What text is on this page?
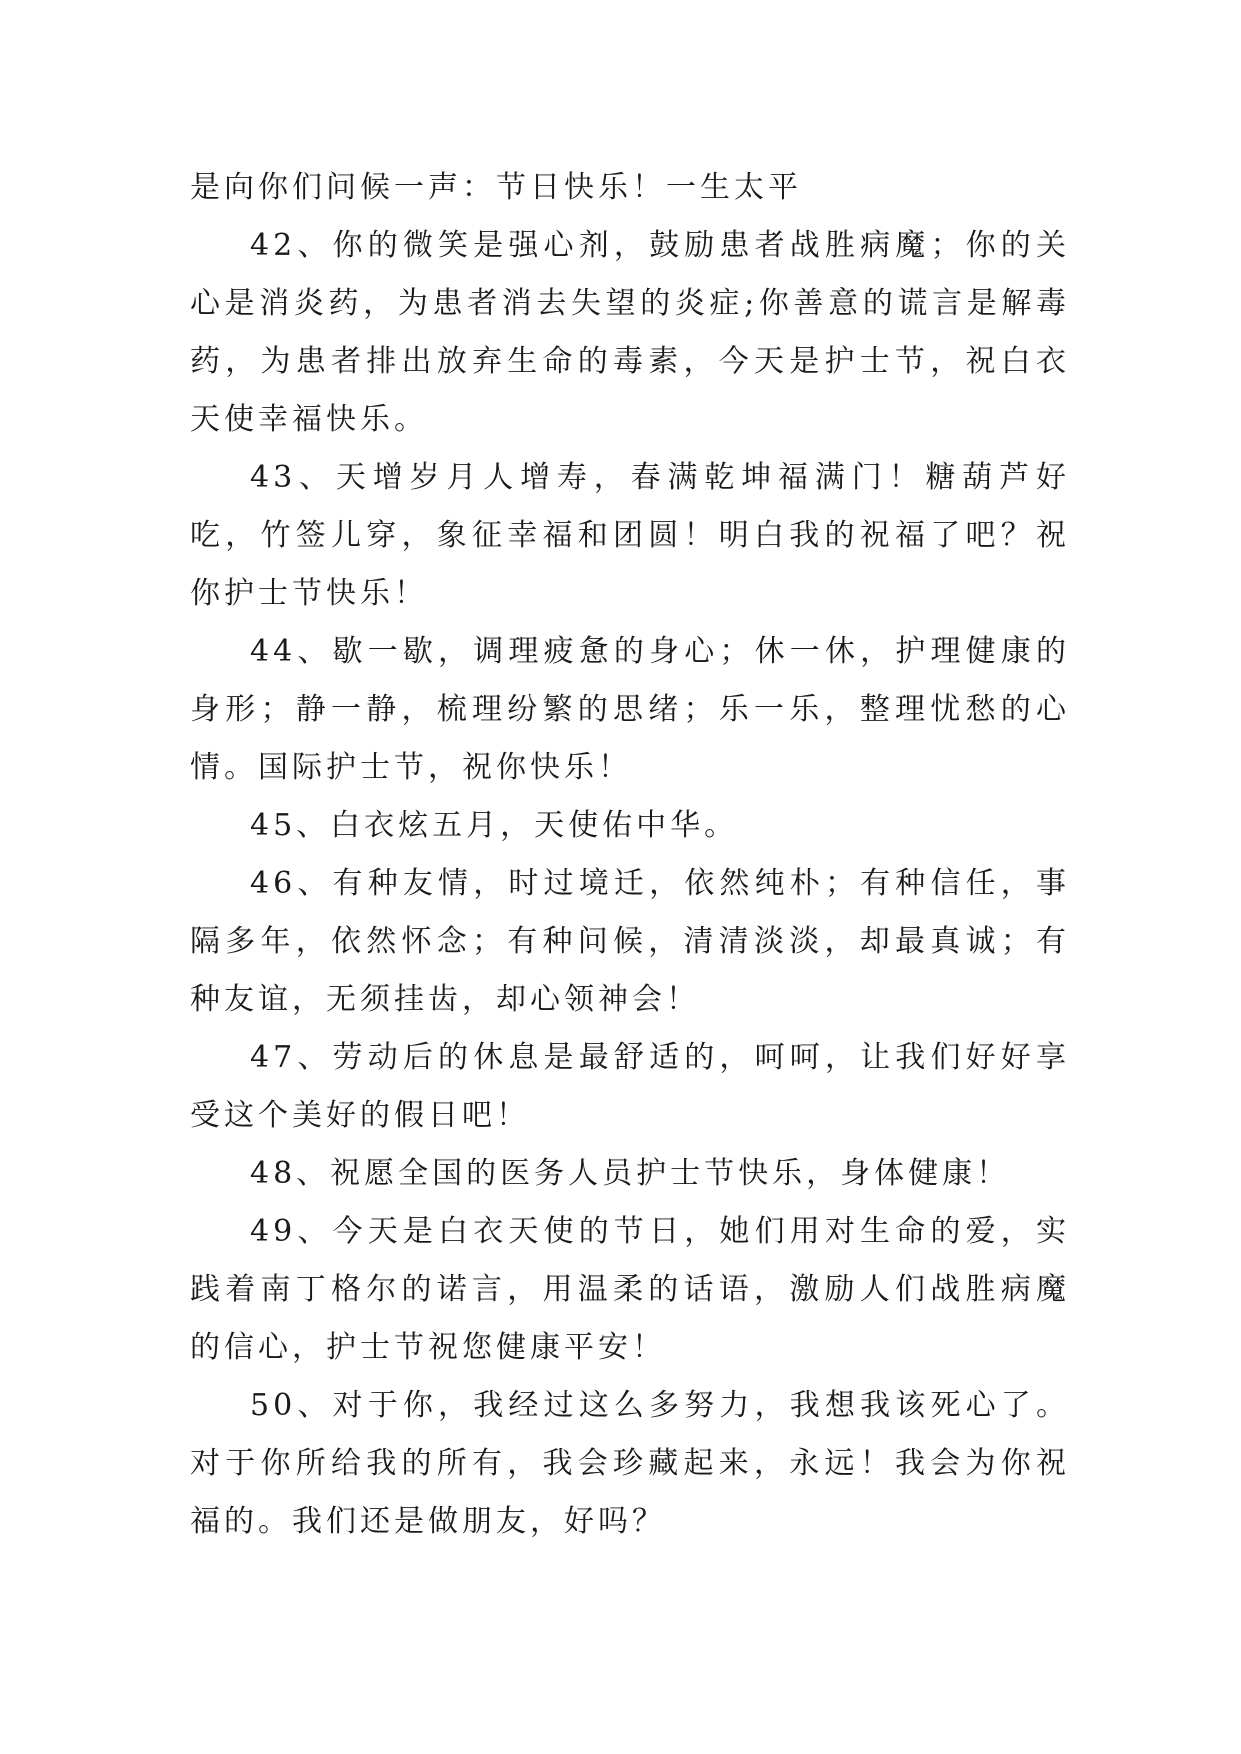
是向你们问候一声：节日快乐！一生太平

42、你的微笑是强心剂，鼓励患者战胜病魔；你的关心是消炎药，为患者消去失望的炎症;你善意的谎言是解毒药，为患者排出放弃生命的毒素，今天是护士节，祝白衣天使幸福快乐。

43、天增岁月人增寿，春满乾坤福满门！糖葫芦好吃，竹签儿穿，象征幸福和团圆！明白我的祝福了吧？祝你护士节快乐！

44、歇一歇，调理疲惫的身心；休一休，护理健康的身形；静一静，梳理纷繁的思绪；乐一乐，整理忧愁的心情。国际护士节，祝你快乐！

45、白衣炫五月，天使佑中华。

46、有种友情，时过境迁，依然纯朴；有种信任，事隔多年，依然怀念；有种问候，清清淡淡，却最真诚；有种友谊，无须挂齿，却心领神会！

47、劳动后的休息是最舒适的，呵呵，让我们好好享受这个美好的假日吧！

48、祝愿全国的医务人员护士节快乐，身体健康！

49、今天是白衣天使的节日，她们用对生命的爱，实践着南丁格尔的诺言，用温柔的话语，激励人们战胜病魔的信心，护士节祝您健康平安！

50、对于你，我经过这么多努力，我想我该死心了。对于你所给我的所有，我会珍藏起来，永远！我会为你祝福的。我们还是做朋友，好吗？
